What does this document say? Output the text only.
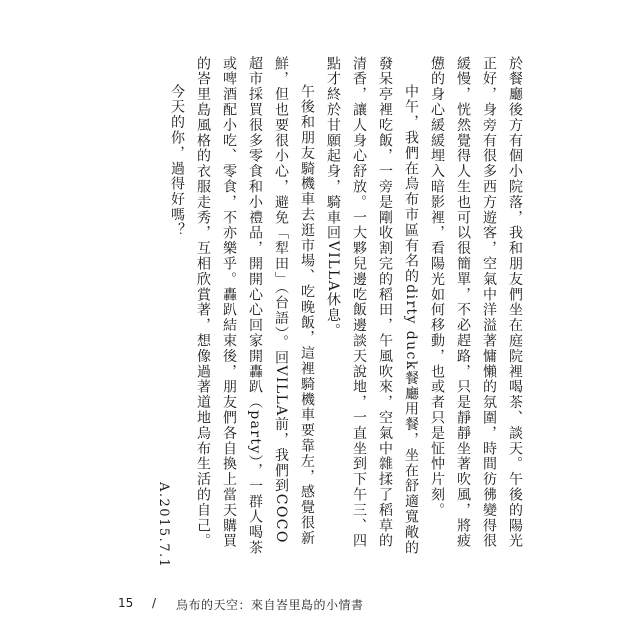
於餐廳後方有個小院落，我和朋友們坐在庭院裡喝茶、談天。午後的陽光正好，身旁有很多西方遊客，空氣中洋溢著慵懶的氛圍，時間彷彿變得很緩慢，恍然覺得人生也可以很簡單，不必趕路，只是靜靜坐著吹風，將疲憊的身心緩緩埋入暗影裡，看陽光如何移動，也或者只是怔忡片刻。

中午，我們在烏布市區有名的dirty duck餐廳用餐，坐在舒適寬敞的發呆亭裡吃飯，一旁是剛收割完的稻田，午風吹來，空氣中雜揉了稻草的清香，讓人身心舒放。一大夥兒邊吃飯邊談天說地，一直坐到下午三、四點才終於甘願起身，騎車回VILLA休息。

午後和朋友騎機車去逛市場、吃晚飯，這裡騎機車要靠左，感覺很新鮮，但也要很小心，避免「犁田」（台語）。回VILLA前，我們到COCO超市採買很多零食和小禮品，開開心心回家開轟趴（party），一群人喝茶或啤酒配小吃、零食，不亦樂乎。轟趴結束後，朋友們各自換上當天購買的峇里島風格的衣服走秀，互相欣賞著，想像過著道地烏布生活的自己。

今天的你，過得好嗎？

A.2015.7.1

15 / 烏布的天空：來自峇里島的小情書
